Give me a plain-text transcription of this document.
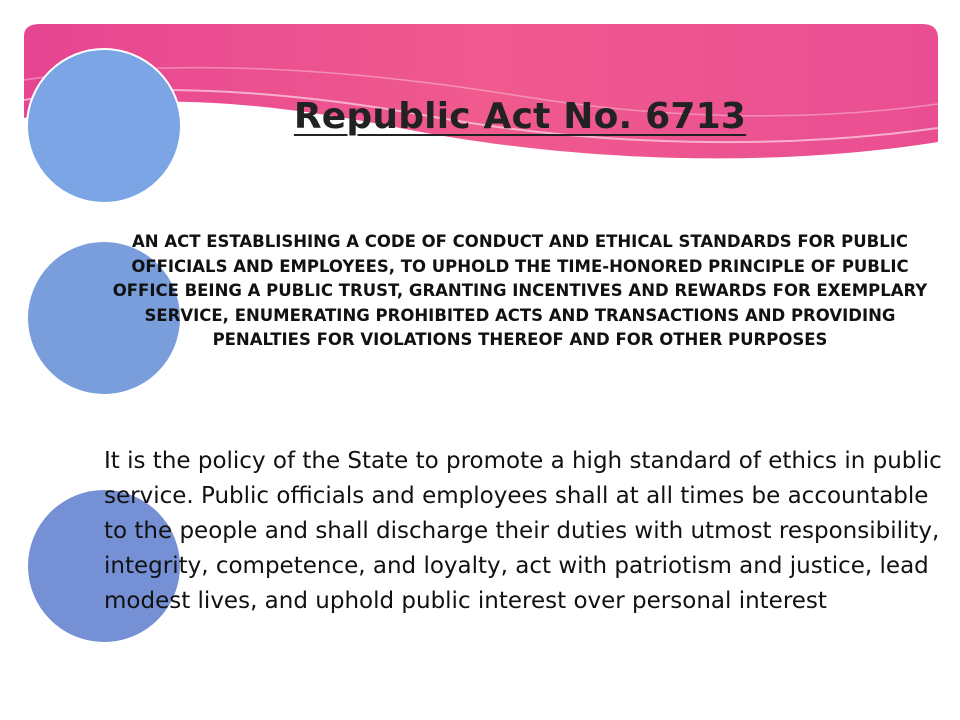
Republic Act No. 6713
AN ACT ESTABLISHING A CODE OF CONDUCT AND ETHICAL STANDARDS FOR PUBLIC OFFICIALS AND EMPLOYEES, TO UPHOLD THE TIME-HONORED PRINCIPLE OF PUBLIC OFFICE BEING A PUBLIC TRUST, GRANTING INCENTIVES AND REWARDS FOR EXEMPLARY SERVICE, ENUMERATING PROHIBITED ACTS AND TRANSACTIONS AND PROVIDING PENALTIES FOR VIOLATIONS THEREOF AND FOR OTHER PURPOSES
It is the policy of the State to promote a high standard of ethics in public service. Public officials and employees shall at all times be accountable to the people and shall discharge their duties with utmost responsibility, integrity, competence, and loyalty, act with patriotism and justice, lead modest lives, and uphold public interest over personal interest
